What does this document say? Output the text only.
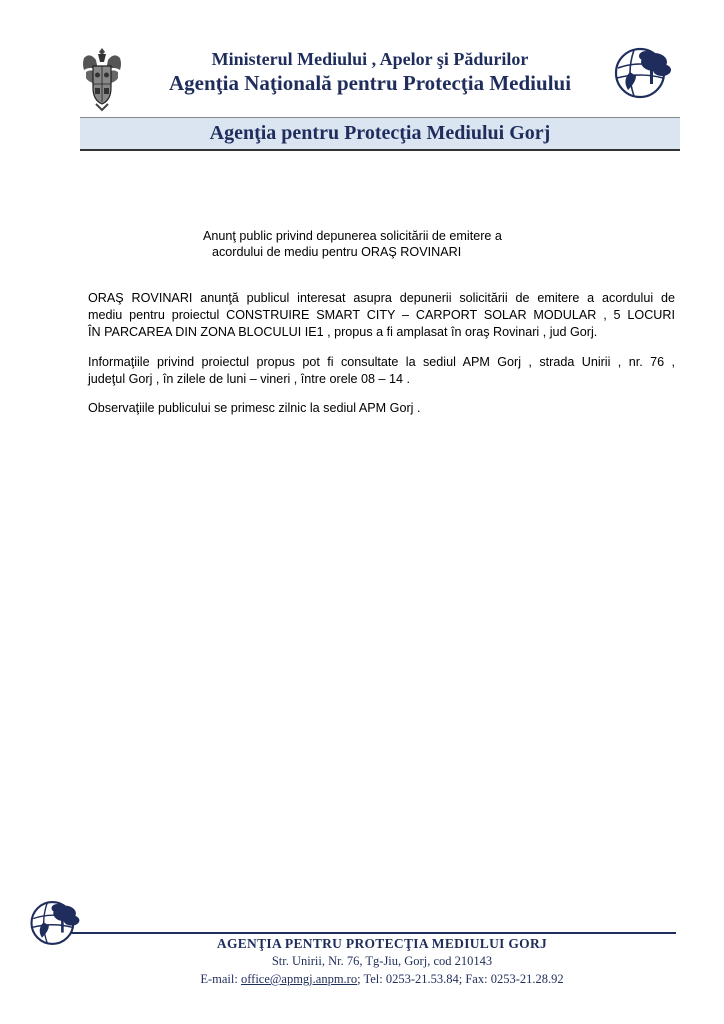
Ministerul Mediului , Apelor şi Pădurilor
Agenţia Naţională pentru Protecţia Mediului
Agenţia pentru Protecţia Mediului Gorj
Anunţ public privind depunerea solicitării de emitere a
acordului de mediu pentru ORAŞ ROVINARI
ORAŞ ROVINARI anunţă publicul interesat asupra depunerii solicitării de emitere a acordului de
mediu pentru proiectul CONSTRUIRE SMART CITY – CARPORT SOLAR MODULAR , 5 LOCURI
ÎN PARCAREA DIN ZONA BLOCULUI IE1 , propus a fi amplasat în oraş Rovinari , jud Gorj.
Informaţiile privind proiectul propus pot fi consultate la sediul APM Gorj , strada Unirii , nr. 76 ,
judeţul Gorj , în zilele de luni – vineri , între orele 08 – 14 .
Observaţiile publicului se primesc zilnic la sediul APM Gorj .
AGENŢIA PENTRU PROTECŢIA MEDIULUI GORJ
Str. Unirii, Nr. 76, Tg-Jiu, Gorj, cod 210143
E-mail: office@apmgj.anpm.ro; Tel: 0253-21.53.84; Fax: 0253-21.28.92
